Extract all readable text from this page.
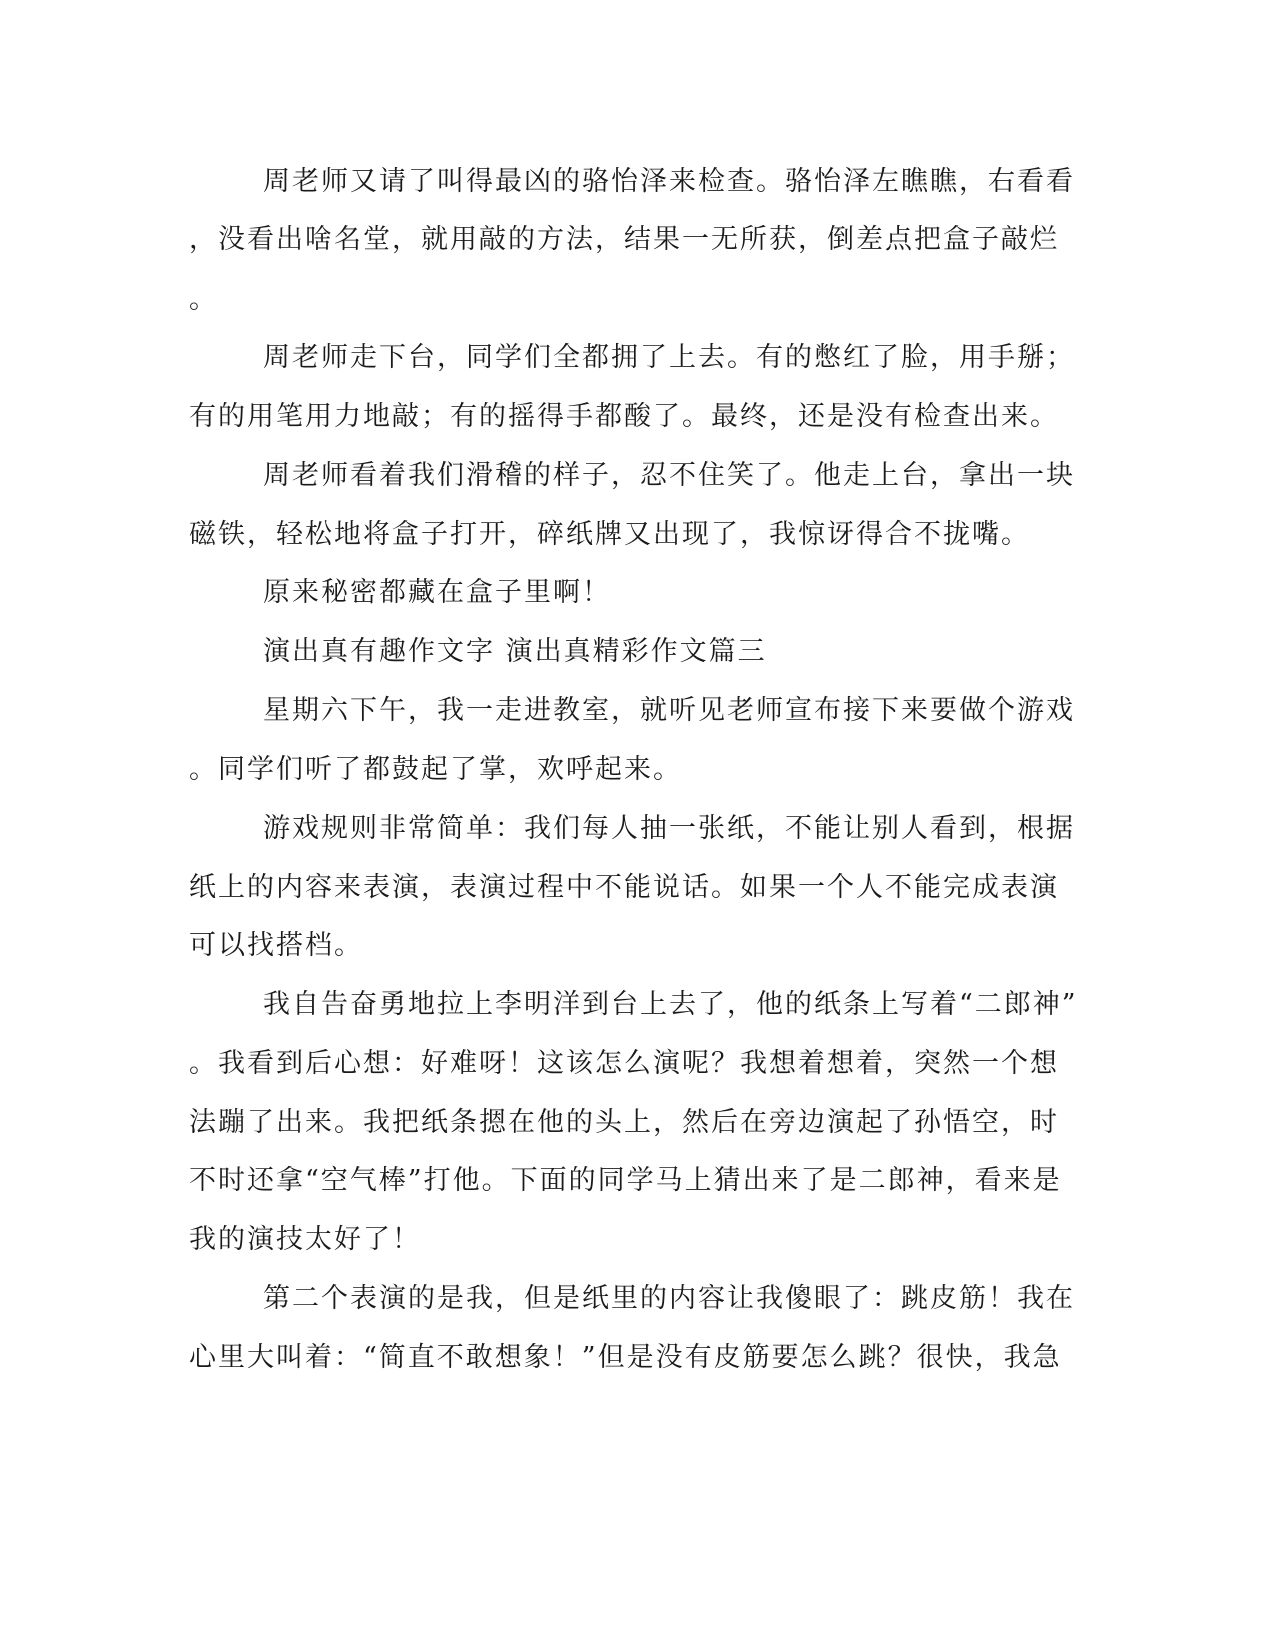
周老师又请了叫得最凶的骆怡泽来检查。骆怡泽左瞧瞧，右看看
，没看出啥名堂，就用敲的方法，结果一无所获，倒差点把盒子敲烂
。
周老师走下台，同学们全都拥了上去。有的憋红了脸，用手掰；
有的用笔用力地敲；有的摇得手都酸了。最终，还是没有检查出来。
周老师看着我们滑稽的样子，忍不住笑了。他走上台，拿出一块
磁铁，轻松地将盒子打开，碎纸牌又出现了，我惊讶得合不拢嘴。
原来秘密都藏在盒子里啊！
演出真有趣作文字 演出真精彩作文篇三
星期六下午，我一走进教室，就听见老师宣布接下来要做个游戏
。同学们听了都鼓起了掌，欢呼起来。
游戏规则非常简单：我们每人抽一张纸，不能让别人看到，根据
纸上的内容来表演，表演过程中不能说话。如果一个人不能完成表演
可以找搭档。
我自告奋勇地拉上李明洋到台上去了，他的纸条上写着“二郎神”
。我看到后心想：好难呀！这该怎么演呢？我想着想着，突然一个想
法蹦了出来。我把纸条摁在他的头上，然后在旁边演起了孙悟空，时
不时还拿“空气棒”打他。下面的同学马上猜出来了是二郎神，看来是
我的演技太好了！
第二个表演的是我，但是纸里的内容让我傻眼了：跳皮筋！我在
心里大叫着：“简直不敢想象！”但是没有皮筋要怎么跳？很快，我急
